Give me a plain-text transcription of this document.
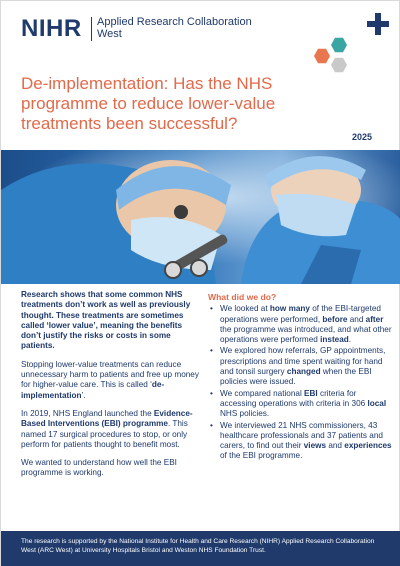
NIHR Applied Research Collaboration West
De-implementation: Has the NHS programme to reduce lower-value treatments been successful?
2025

Research shows that some common NHS treatments don’t work as well as previously thought. These treatments are sometimes called ‘lower value’, meaning the benefits don’t justify the risks or costs in some patients.

Stopping lower-value treatments can reduce unnecessary harm to patients and free up money for higher-value care. This is called ‘de-implementation’.

In 2019, NHS England launched the Evidence-Based Interventions (EBI) programme. This named 17 surgical procedures to stop, or only perform for patients thought to benefit most.

We wanted to understand how well the EBI programme is working.

What did we do?
• We looked at how many of the EBI-targeted operations were performed, before and after the programme was introduced, and what other operations were performed instead.
• We explored how referrals, GP appointments, prescriptions and time spent waiting for hand and tonsil surgery changed when the EBI policies were issued.
• We compared national EBI criteria for accessing operations with criteria in 306 local NHS policies.
• We interviewed 21 NHS commissioners, 43 healthcare professionals and 37 patients and carers, to find out their views and experiences of the EBI programme.
The research is supported by the National Institute for Health and Care Research (NIHR) Applied Research Collaboration West (ARC West) at University Hospitals Bristol and Weston NHS Foundation Trust.
